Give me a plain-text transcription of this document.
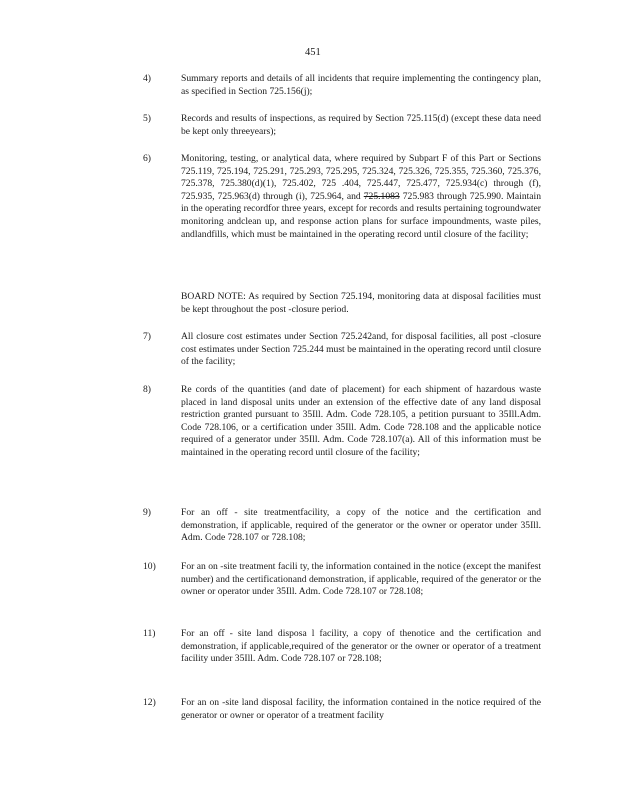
451
4)	Summary reports and details of all incidents that require implementing the contingency plan, as specified in Section 725.156(j);
5)	Records and results of inspections, as required by Section 725.115(d) (except these data need be kept only threeyears);
6)	Monitoring, testing, or analytical data, where required by Subpart F of this Part or Sections 725.119, 725.194, 725.291, 725.293, 725.295, 725.324, 725.326, 725.355, 725.360, 725.376, 725.378, 725.380(d)(1), 725.402, 725 .404, 725.447, 725.477, 725.934(c) through (f), 725.935, 725.963(d) through (i), 725.964, and 725.1083 725.983 through 725.990. Maintain in the operating recordfor three years, except for records and results pertaining togroundwater monitoring andclean up, and response action plans for surface impoundments, waste piles, andlandfills, which must be maintained in the operating record until closure of the facility;
BOARD NOTE: As required by Section 725.194, monitoring data at disposal facilities must be kept throughout the post -closure period.
7)	All closure cost estimates under Section 725.242and, for disposal facilities, all post -closure cost estimates under Section 725.244 must be maintained in the operating record until closure of the facility;
8)	Re cords of the quantities (and date of placement) for each shipment of hazardous waste placed in land disposal units under an extension of the effective date of any land disposal restriction granted pursuant to 35Ill. Adm. Code 728.105, a petition pursuant to 35Ill.Adm. Code 728.106, or a certification under 35Ill. Adm. Code 728.108 and the applicable notice required of a generator under 35Ill. Adm. Code 728.107(a). All of this information must be maintained in the operating record until closure of the facility;
9)	For an off - site treatmentfacility, a copy of the notice and the certification and demonstration, if applicable, required of the generator or the owner or operator under 35Ill. Adm. Code 728.107 or 728.108;
10)	For an on -site treatment facili ty, the information contained in the notice (except the manifest number) and the certificationand demonstration, if applicable, required of the generator or the owner or operator under 35Ill. Adm. Code 728.107 or 728.108;
11)	For an off - site land disposa l facility, a copy of thenotice and the certification and demonstration, if applicable,required of the generator or the owner or operator of a treatment facility under 35Ill. Adm. Code 728.107 or 728.108;
12)	For an on -site land disposal facility, the information contained in the notice required of the generator or owner or operator of a treatment facility
